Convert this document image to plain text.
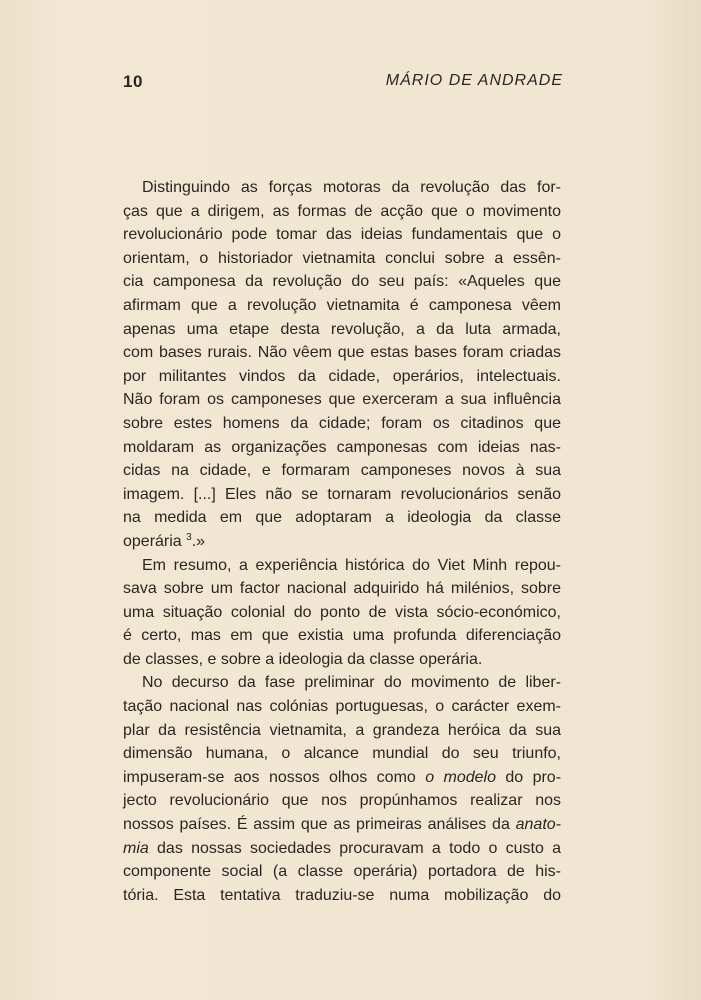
10	MÁRIO DE ANDRADE
Distinguindo as forças motoras da revolução das for-
ças que a dirigem, as formas de acção que o movimento
revolucionário pode tomar das ideias fundamentais que o
orientam, o historiador vietnamita conclui sobre a essên-
cia camponesa da revolução do seu país: «Aqueles que
afirmam que a revolução vietnamita é camponesa vêem
apenas uma etape desta revolução, a da luta armada,
com bases rurais. Não vêem que estas bases foram criadas
por militantes vindos da cidade, operários, intelectuais.
Não foram os camponeses que exerceram a sua influência
sobre estes homens da cidade; foram os citadinos que
moldaram as organizações camponesas com ideias nas-
cidas na cidade, e formaram camponeses novos à sua
imagem. [...] Eles não se tornaram revolucionários senão
na medida em que adoptaram a ideologia da classe
operária $^3$.»
Em resumo, a experiência histórica do Viet Minh repou-
sava sobre um factor nacional adquirido há milénios, sobre
uma situação colonial do ponto de vista sócio-económico,
é certo, mas em que existia uma profunda diferenciação
de classes, e sobre a ideologia da classe operária.
No decurso da fase preliminar do movimento de liber-
tação nacional nas colónias portuguesas, o carácter exem-
plar da resistência vietnamita, a grandeza heróica da sua
dimensão humana, o alcance mundial do seu triunfo,
impuseram-se aos nossos olhos como o modelo do pro-
jecto revolucionário que nos propúnhamos realizar nos
nossos países. É assim que as primeiras análises da anato-
mia das nossas sociedades procuravam a todo o custo a
componente social (a classe operária) portadora de his-
tória. Esta tentativa traduziu-se numa mobilização do
